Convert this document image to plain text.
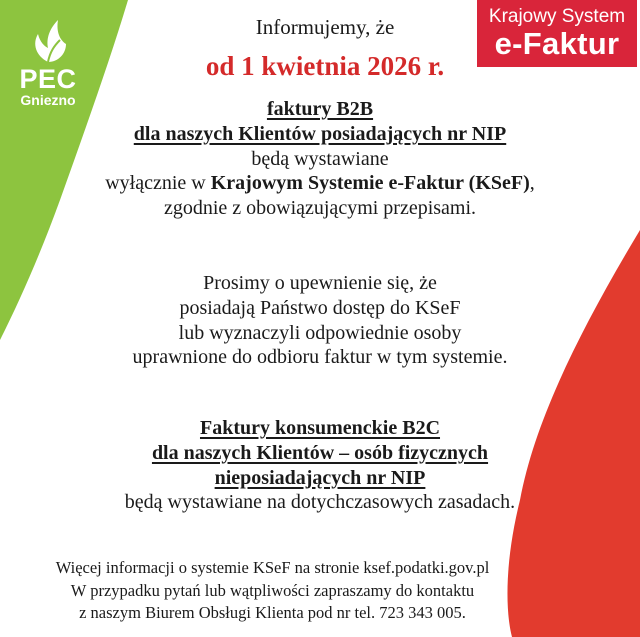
PEC
Gniezno
Krajowy System
e-Faktur
Informujemy, że
od 1 kwietnia 2026 r.
faktury B2B
dla naszych Klientów posiadających nr NIP
będą wystawiane
wyłącznie w Krajowym Systemie e-Faktur (KSeF),
zgodnie z obowiązującymi przepisami.
Prosimy o upewnienie się, że
posiadają Państwo dostęp do KSeF
lub wyznaczyli odpowiednie osoby
uprawnione do odbioru faktur w tym systemie.
Faktury konsumenckie B2C
dla naszych Klientów – osób fizycznych
nieposiadających nr NIP
będą wystawiane na dotychczasowych zasadach.
Więcej informacji o systemie KSeF na stronie ksef.podatki.gov.pl
W przypadku pytań lub wątpliwości zapraszamy do kontaktu
z naszym Biurem Obsługi Klienta pod nr tel. 723 343 005.
